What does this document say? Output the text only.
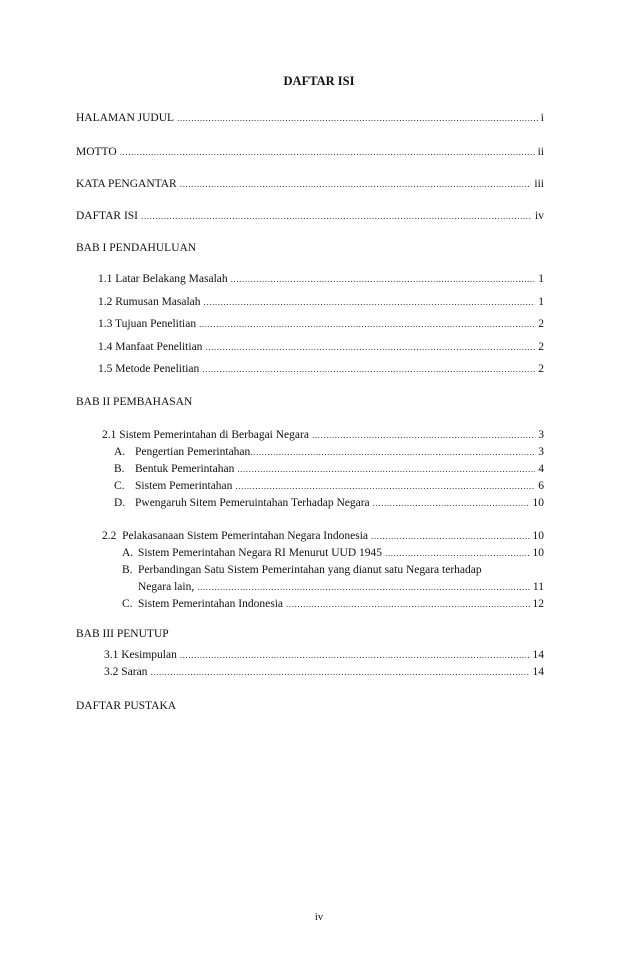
DAFTAR ISI
HALAMAN JUDUL .....	i
MOTTO .....	ii
KATA PENGANTAR .....	iii
DAFTAR ISI .....	iv
BAB I PENDAHULUAN
1.1 Latar Belakang Masalah .....	1
1.2 Rumusan Masalah .....	1
1.3 Tujuan Penelitian .....	2
1.4 Manfaat Penelitian .....	2
1.5 Metode Penelitian .....	2
BAB II PEMBAHASAN
2.1 Sistem Pemerintahan di Berbagai Negara .....	3
A. Pengertian Pemerintahan .....	3
B. Bentuk Pemerintahan .....	4
C. Sistem Pemerintahan .....	6
D. Pwengaruh Sitem Pemeruintahan Terhadap Negara .....	10
2.2  Pelakasanaan Sistem Pemerintahan Negara Indonesia .....	10
A. Sistem Pemerintahan Negara RI Menurut UUD 1945 .....	10
B. Perbandingan Satu Sistem Pemerintahan yang dianut satu Negara terhadap
Negara lain, .....	11
C. Sistem Pemerintahan Indonesia .....	12
BAB III PENUTUP
3.1 Kesimpulan .....	14
3.2 Saran .....	14
DAFTAR PUSTAKA
iv
